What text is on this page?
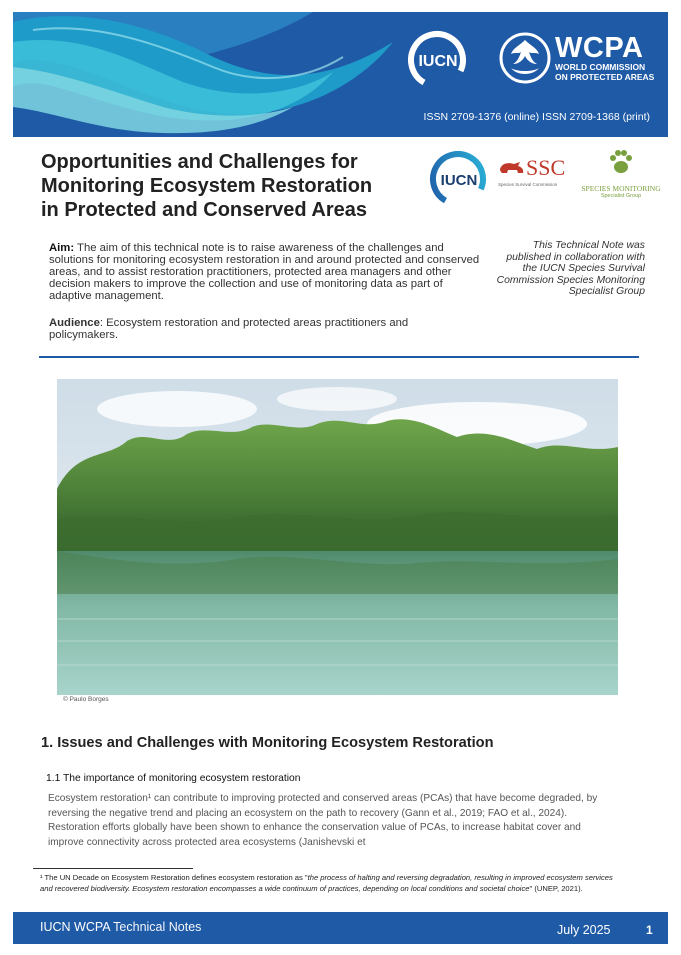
IUCN	WCPA
WORLD COMMISSION
ON PROTECTED AREAS
ISSN 2709-1376 (online) ISSN 2709-1368 (print)
Opportunities and Challenges for
Monitoring Ecosystem Restoration
in Protected and Conserved Areas
IUCN
SSC
Species Survival Commission	SPECIES MONITORING
Specialist Group
Aim: The aim of this technical note is to raise awareness of the challenges and solutions for monitoring ecosystem restoration in and around protected and conserved areas, and to assist restoration practitioners, protected area managers and other decision makers to improve the collection and use of monitoring data as part of adaptive management.
Audience: Ecosystem restoration and protected areas practitioners and policymakers.
This Technical Note was published in collaboration with the IUCN Species Survival Commission Species Monitoring Specialist Group
© Paulo Borges
1. Issues and Challenges with Monitoring Ecosystem Restoration
1.1 The importance of monitoring ecosystem restoration
Ecosystem restoration¹ can contribute to improving protected and conserved areas (PCAs) that have become degraded, by reversing the negative trend and placing an ecosystem on the path to recovery (Gann et al., 2019; FAO et al., 2024). Restoration efforts globally have been shown to enhance the conservation value of PCAs, to increase habitat cover and improve connectivity across protected area ecosystems (Janishevski et
¹ The UN Decade on Ecosystem Restoration defines ecosystem restoration as "the process of halting and reversing degradation, resulting in improved ecosystem services and recovered biodiversity. Ecosystem restoration encompasses a wide continuum of practices, depending on local conditions and societal choice" (UNEP, 2021).
IUCN WCPA Technical Notes	July 2025	1
